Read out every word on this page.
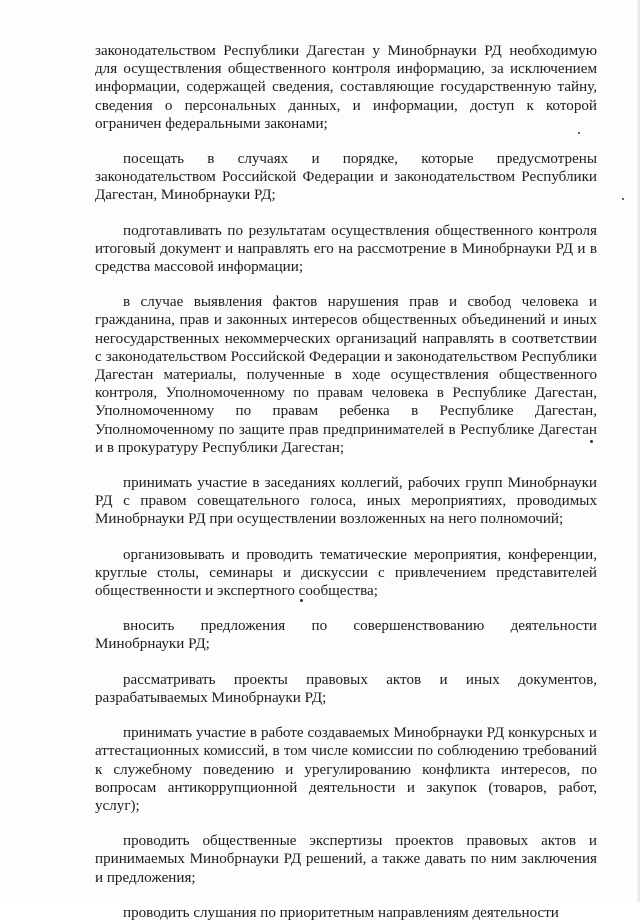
законодательством Республики Дагестан у Минобрнауки РД необходимую для осуществления общественного контроля информацию, за исключением информации, содержащей сведения, составляющие государственную тайну, сведения о персональных данных, и информации, доступ к которой ограничен федеральными законами;

посещать в случаях и порядке, которые предусмотрены законодательством Российской Федерации и законодательством Республики Дагестан, Минобрнауки РД;

подготавливать по результатам осуществления общественного контроля итоговый документ и направлять его на рассмотрение в Минобрнауки РД и в средства массовой информации;

в случае выявления фактов нарушения прав и свобод человека и гражданина, прав и законных интересов общественных объединений и иных негосударственных некоммерческих организаций направлять в соответствии с законодательством Российской Федерации и законодательством Республики Дагестан материалы, полученные в ходе осуществления общественного контроля, Уполномоченному по правам человека в Республике Дагестан, Уполномоченному по правам ребенка в Республике Дагестан, Уполномоченному по защите прав предпринимателей в Республике Дагестан и в прокуратуру Республики Дагестан;

принимать участие в заседаниях коллегий, рабочих групп Минобрнауки РД с правом совещательного голоса, иных мероприятиях, проводимых Минобрнауки РД при осуществлении возложенных на него полномочий;

организовывать и проводить тематические мероприятия, конференции, круглые столы, семинары и дискуссии с привлечением представителей общественности и экспертного сообщества;

вносить предложения по совершенствованию деятельности Минобрнауки РД;

рассматривать проекты правовых актов и иных документов, разрабатываемых Минобрнауки РД;

принимать участие в работе создаваемых Минобрнауки РД конкурсных и аттестационных комиссий, в том числе комиссии по соблюдению требований к служебному поведению и урегулированию конфликта интересов, по вопросам антикоррупционной деятельности и закупок (товаров, работ, услуг);

проводить общественные экспертизы проектов правовых актов и принимаемых Минобрнауки РД решений, а также давать по ним заключения и предложения;

проводить слушания по приоритетным направлениям деятельности
